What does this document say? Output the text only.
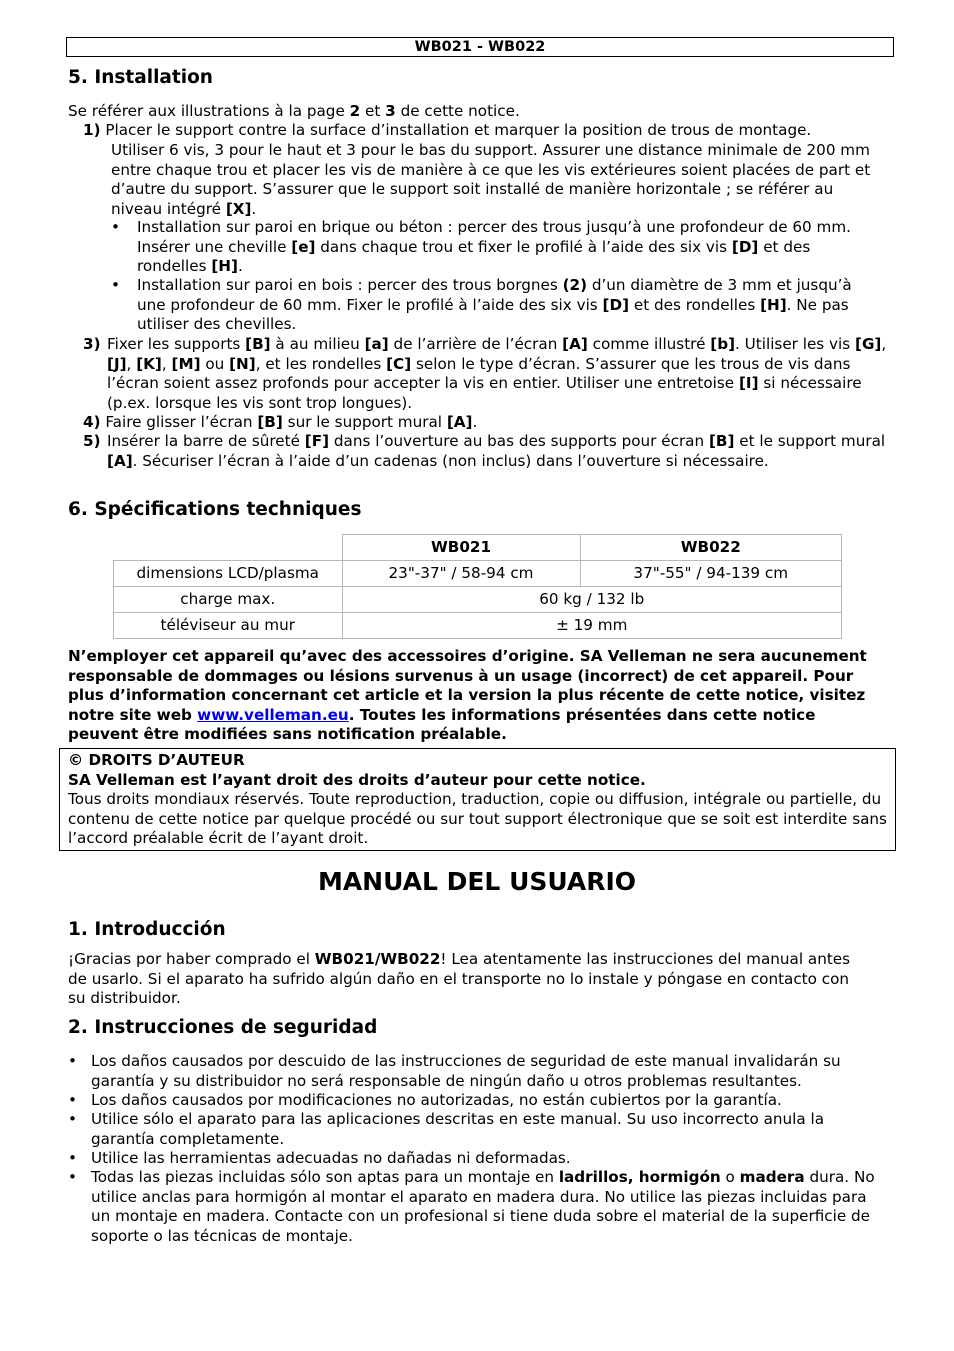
WB021 - WB022
5. Installation
Se référer aux illustrations à la page 2 et 3 de cette notice.
1) Placer le support contre la surface d’installation et marquer la position de trous de montage.
Utiliser 6 vis, 3 pour le haut et 3 pour le bas du support. Assurer une distance minimale de 200 mm entre chaque trou et placer les vis de manière à ce que les vis extérieures soient placées de part et d’autre du support. S’assurer que le support soit installé de manière horizontale ; se référer au niveau intégré [X].
• Installation sur paroi en brique ou béton : percer des trous jusqu’à une profondeur de 60 mm. Insérer une cheville [e] dans chaque trou et fixer le profilé à l’aide des six vis [D] et des rondelles [H].
• Installation sur paroi en bois : percer des trous borgnes (2) d’un diamètre de 3 mm et jusqu’à une profondeur de 60 mm. Fixer le profilé à l’aide des six vis [D] et des rondelles [H]. Ne pas utiliser des chevilles.
3) Fixer les supports [B] à au milieu [a] de l’arrière de l’écran [A] comme illustré [b]. Utiliser les vis [G], [J], [K], [M] ou [N], et les rondelles [C] selon le type d’écran. S’assurer que les trous de vis dans l’écran soient assez profonds pour accepter la vis en entier. Utiliser une entretoise [I] si nécessaire (p.ex. lorsque les vis sont trop longues).
4) Faire glisser l’écran [B] sur le support mural [A].
5) Insérer la barre de sûreté [F] dans l’ouverture au bas des supports pour écran [B] et le support mural [A]. Sécuriser l’écran à l’aide d’un cadenas (non inclus) dans l’ouverture si nécessaire.
6. Spécifications techniques
	WB021	WB022
dimensions LCD/plasma	23"-37" / 58-94 cm	37"-55" / 94-139 cm
charge max.	60 kg / 132 lb	
téléviseur au mur	± 19 mm	
N’employer cet appareil qu’avec des accessoires d’origine. SA Velleman ne sera aucunement responsable de dommages ou lésions survenus à un usage (incorrect) de cet appareil. Pour plus d’information concernant cet article et la version la plus récente de cette notice, visitez notre site web www.velleman.eu. Toutes les informations présentées dans cette notice peuvent être modifiées sans notification préalable.
© DROITS D’AUTEUR
SA Velleman est l’ayant droit des droits d’auteur pour cette notice.
Tous droits mondiaux réservés. Toute reproduction, traduction, copie ou diffusion, intégrale ou partielle, du contenu de cette notice par quelque procédé ou sur tout support électronique que se soit est interdite sans l’accord préalable écrit de l’ayant droit.
MANUAL DEL USUARIO
1. Introducción
¡Gracias por haber comprado el WB021/WB022! Lea atentamente las instrucciones del manual antes de usarlo. Si el aparato ha sufrido algún daño en el transporte no lo instale y póngase en contacto con su distribuidor.
2. Instrucciones de seguridad
• Los daños causados por descuido de las instrucciones de seguridad de este manual invalidarán su garantía y su distribuidor no será responsable de ningún daño u otros problemas resultantes.
• Los daños causados por modificaciones no autorizadas, no están cubiertos por la garantía.
• Utilice sólo el aparato para las aplicaciones descritas en este manual. Su uso incorrecto anula la garantía completamente.
• Utilice las herramientas adecuadas no dañadas ni deformadas.
• Todas las piezas incluidas sólo son aptas para un montaje en ladrillos, hormigón o madera dura. No utilice anclas para hormigón al montar el aparato en madera dura. No utilice las piezas incluidas para un montaje en madera. Contacte con un profesional si tiene duda sobre el material de la superficie de soporte o las técnicas de montaje.
